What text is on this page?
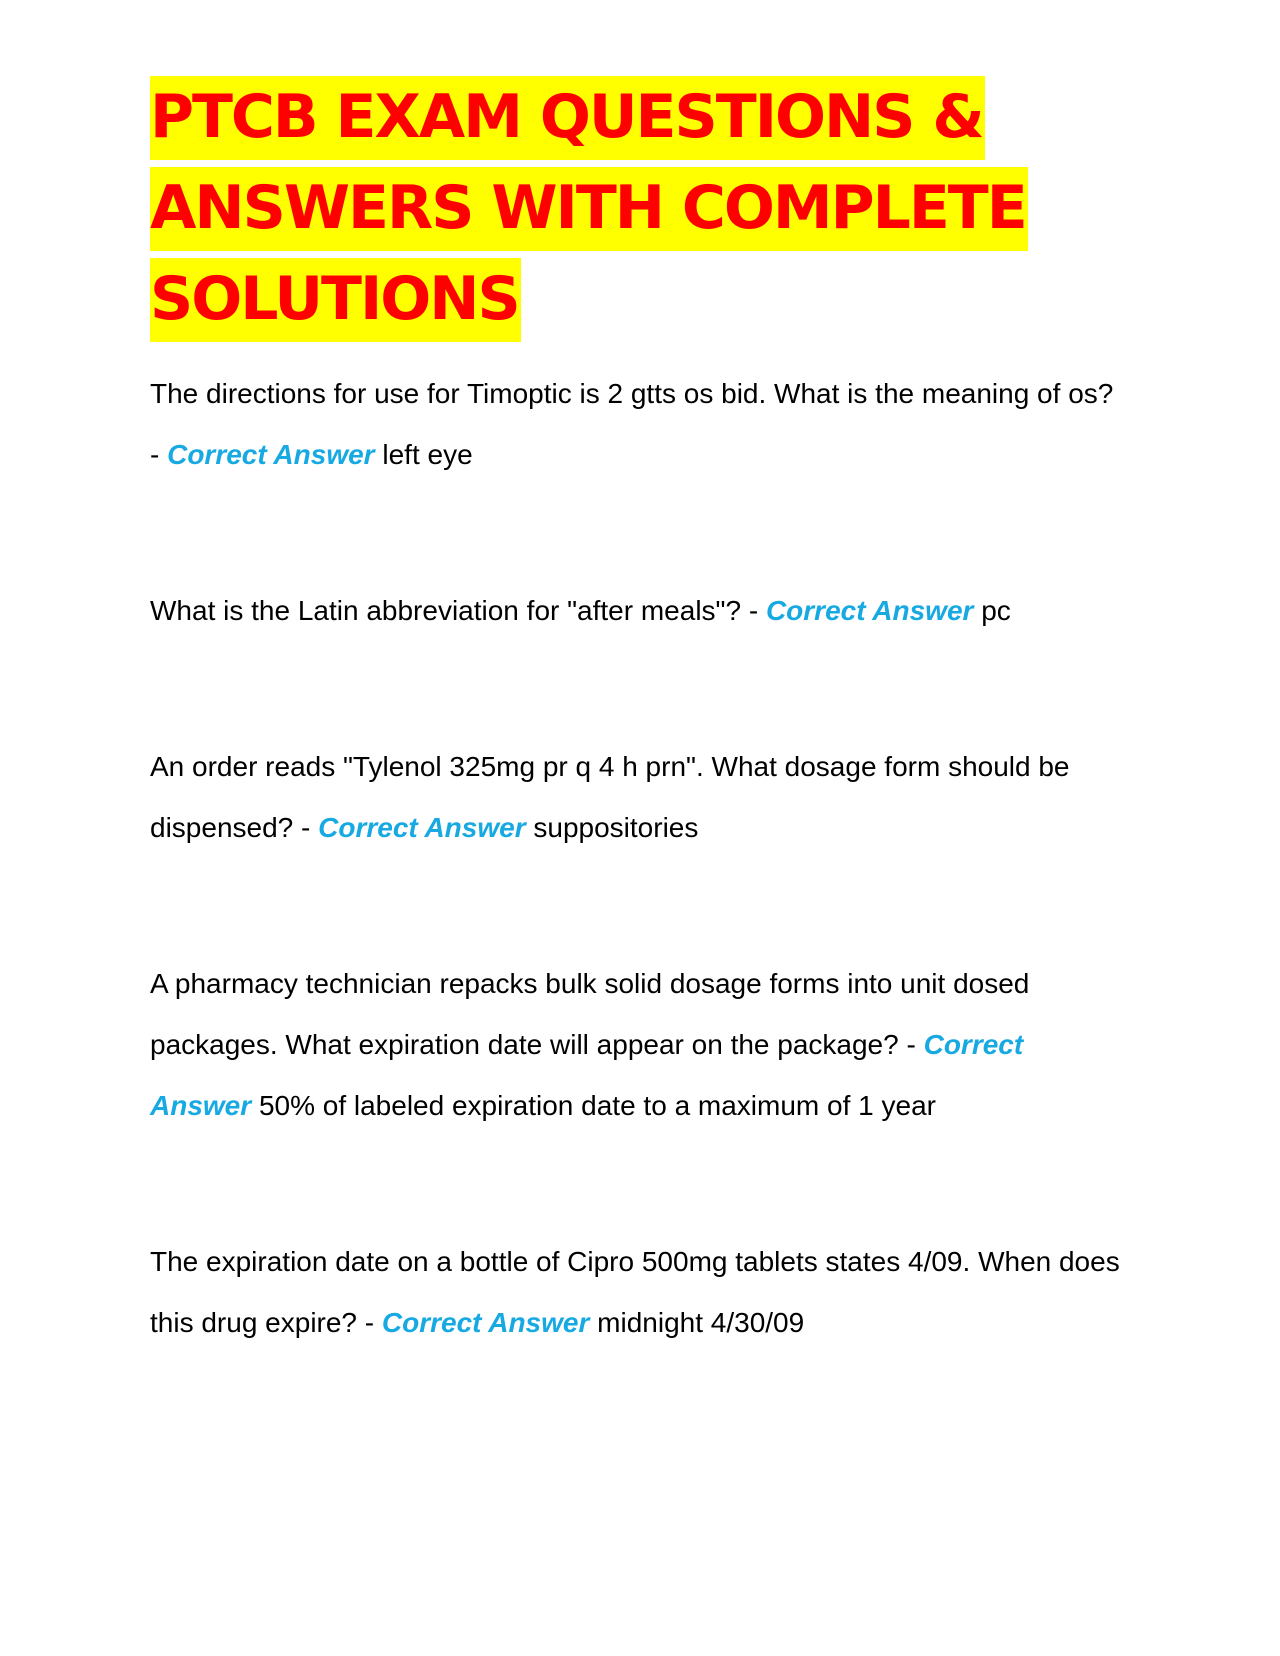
PTCB EXAM QUESTIONS & ANSWERS WITH COMPLETE SOLUTIONS

The directions for use for Timoptic is 2 gtts os bid. What is the meaning of os? - Correct Answer left eye

What is the Latin abbreviation for "after meals"? - Correct Answer pc

An order reads "Tylenol 325mg pr q 4 h prn". What dosage form should be dispensed? - Correct Answer suppositories

A pharmacy technician repacks bulk solid dosage forms into unit dosed packages. What expiration date will appear on the package? - Correct Answer 50% of labeled expiration date to a maximum of 1 year

The expiration date on a bottle of Cipro 500mg tablets states 4/09. When does this drug expire? - Correct Answer midnight 4/30/09
